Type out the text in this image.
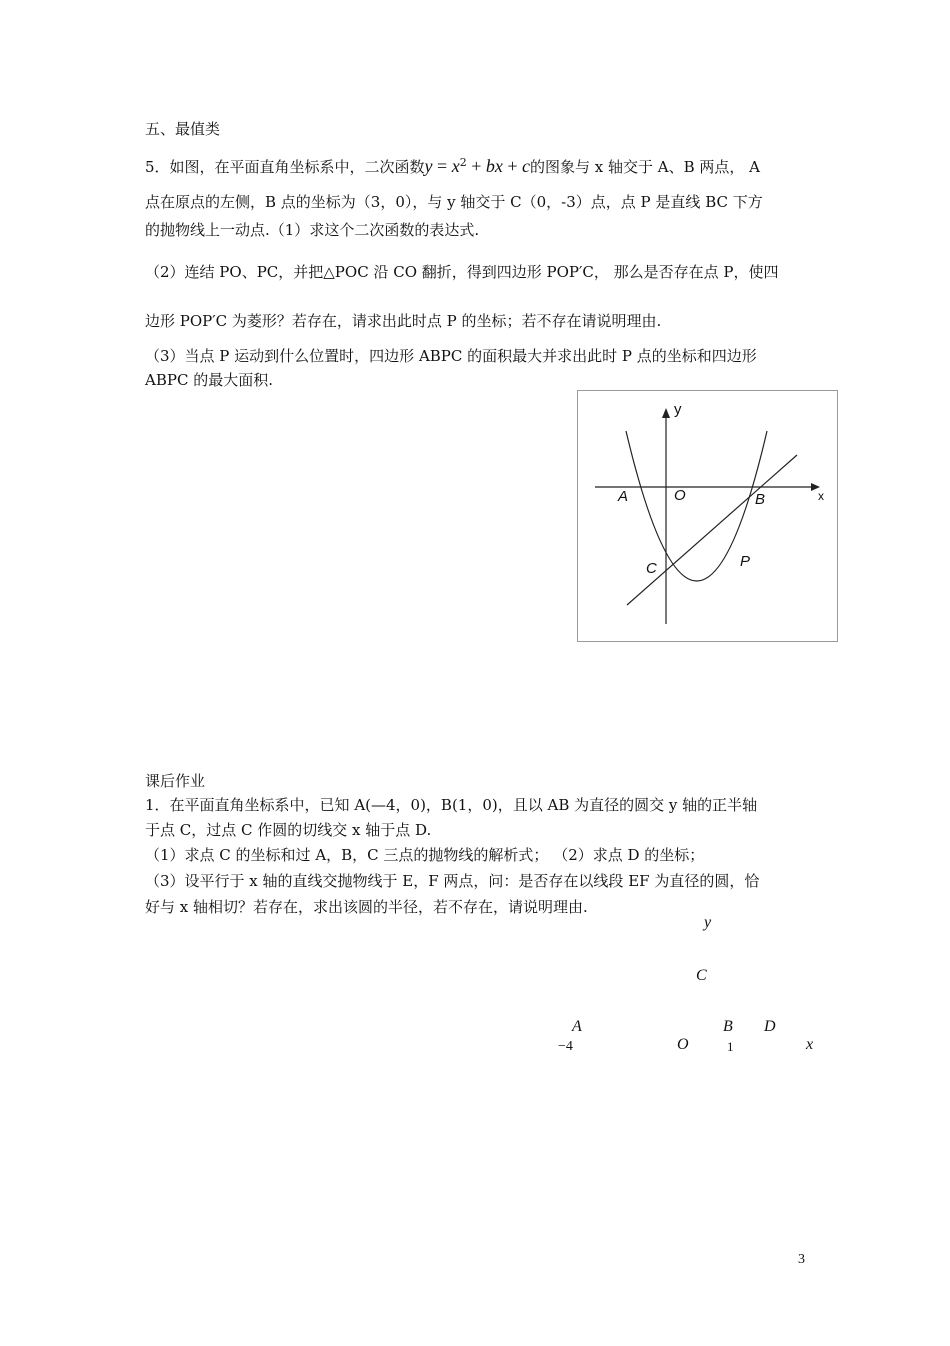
五、最值类
5．如图，在平面直角坐标系中，二次函数$y = x^2$ + bx + c的图象与 x 轴交于 A、B 两点， A
点在原点的左侧，B 点的坐标为（3，0），与 y 轴交于 C（0，-3）点，点 P 是直线 BC 下方
的抛物线上一动点.（1）求这个二次函数的表达式.
（2）连结 PO、PC，并把△POC 沿 CO 翻折，得到四边形 POP′C， 那么是否存在点 P，使四
边形 POP′C 为菱形？若存在，请求出此时点 P 的坐标；若不存在请说明理由.
（3）当点 P 运动到什么位置时，四边形 ABPC 的面积最大并求出此时 P 点的坐标和四边形
ABPC 的最大面积.
y
x
A	O	B
C	P
课后作业
1．在平面直角坐标系中，已知 A(—4，0)，B(1，0)，且以 AB 为直径的圆交 y 轴的正半轴
于点 C，过点 C 作圆的切线交 x 轴于点 D.
（1）求点 C 的坐标和过 A，B，C 三点的抛物线的解析式； （2）求点 D 的坐标；
（3）设平行于 x 轴的直线交抛物线于 E，F 两点，问：是否存在以线段 EF 为直径的圆，恰
好与 x 轴相切？若存在，求出该圆的半径，若不存在，请说明理由.
y
C
A	B D
−4	O	1	x
3
